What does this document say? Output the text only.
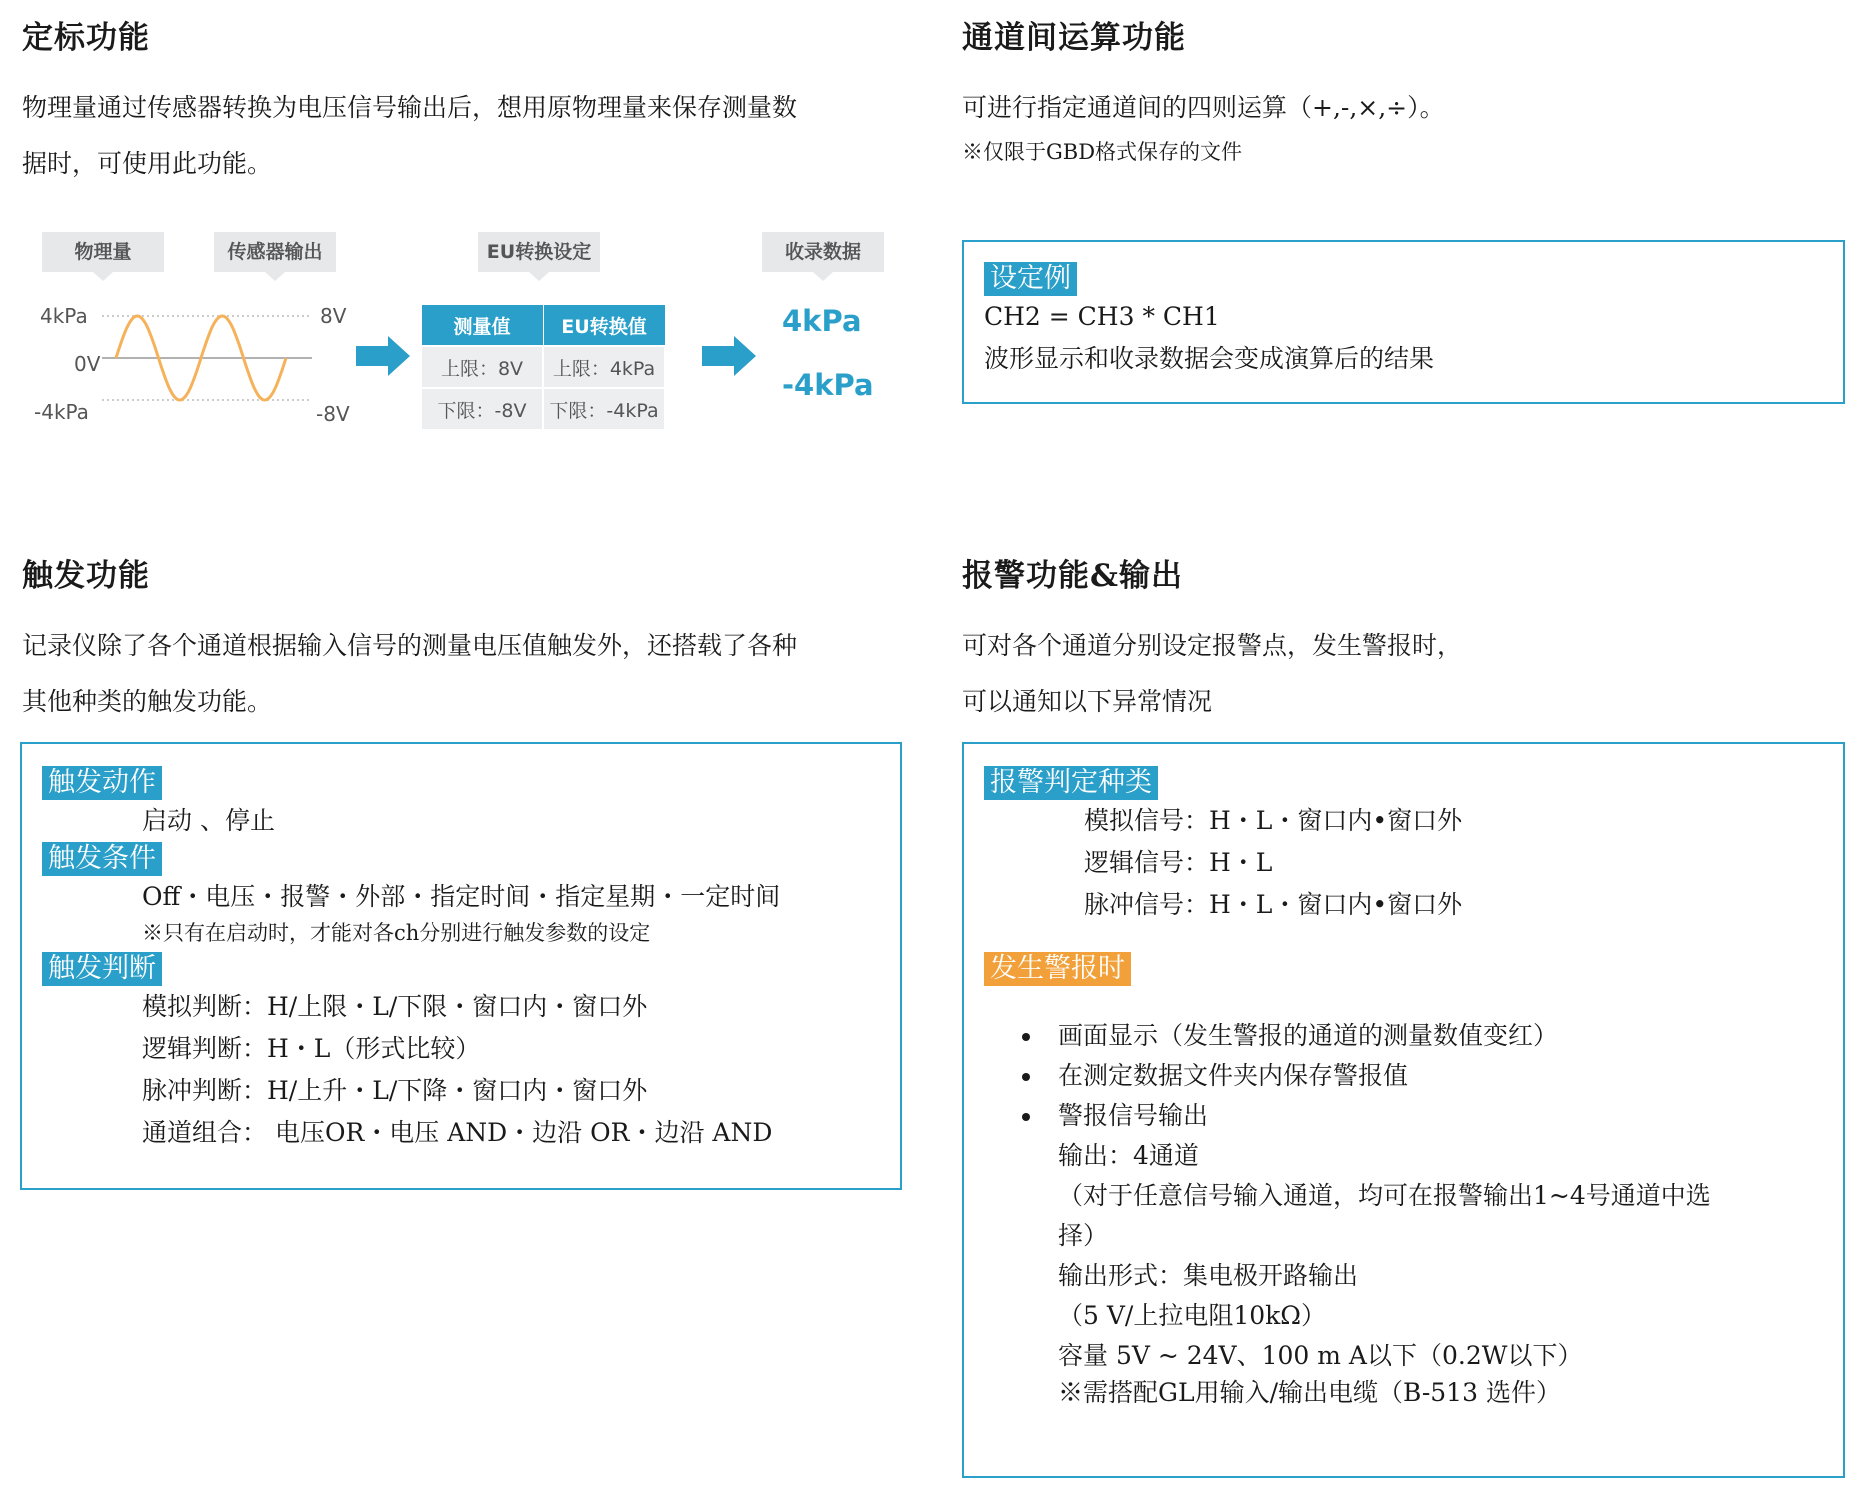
定标功能
物理量通过传感器转换为电压信号输出后，想用原物理量来保存测量数
据时，可使用此功能。
物理量	传感器输出	EU转换设定	收录数据
4kPa
0V
-4kPa
8V
-8V
测量值	EU转换值
上限：8V	上限：4kPa
下限：-8V	下限：-4kPa
4kPa
-4kPa
通道间运算功能
可进行指定通道间的四则运算（+,-,×,÷）。
※仅限于GBD格式保存的文件
设定例
CH2 = CH3 * CH1
波形显示和收录数据会变成演算后的结果
触发功能
记录仪除了各个通道根据输入信号的测量电压值触发外，还搭载了各种
其他种类的触发功能。
触发动作
启动 、停止
触发条件
Off・电压・报警・外部・指定时间・指定星期・一定时间
※只有在启动时，才能对各ch分别进行触发参数的设定
触发判断
模拟判断：H/上限・L/下限・窗口内・窗口外
逻辑判断：H・L（形式比较）
脉冲判断：H/上升・L/下降・窗口内・窗口外
通道组合： 电压OR・电压 AND・边沿 OR・边沿 AND
报警功能&输出
可对各个通道分别设定报警点，发生警报时，
可以通知以下异常情况
报警判定种类
模拟信号：H・L・窗口内•窗口外
逻辑信号：H・L
脉冲信号：H・L・窗口内•窗口外
发生警报时
• 画面显示（发生警报的通道的测量数值变红）
• 在测定数据文件夹内保存警报值
• 警报信号输出
输出：4通道
（对于任意信号输入通道，均可在报警输出1~4号通道中选
择）
输出形式：集电极开路输出
（5 V/上拉电阻10kΩ）
容量 5V ~ 24V、100 m A以下（0.2W以下）
※需搭配GL用输入/输出电缆（B-513 选件）
